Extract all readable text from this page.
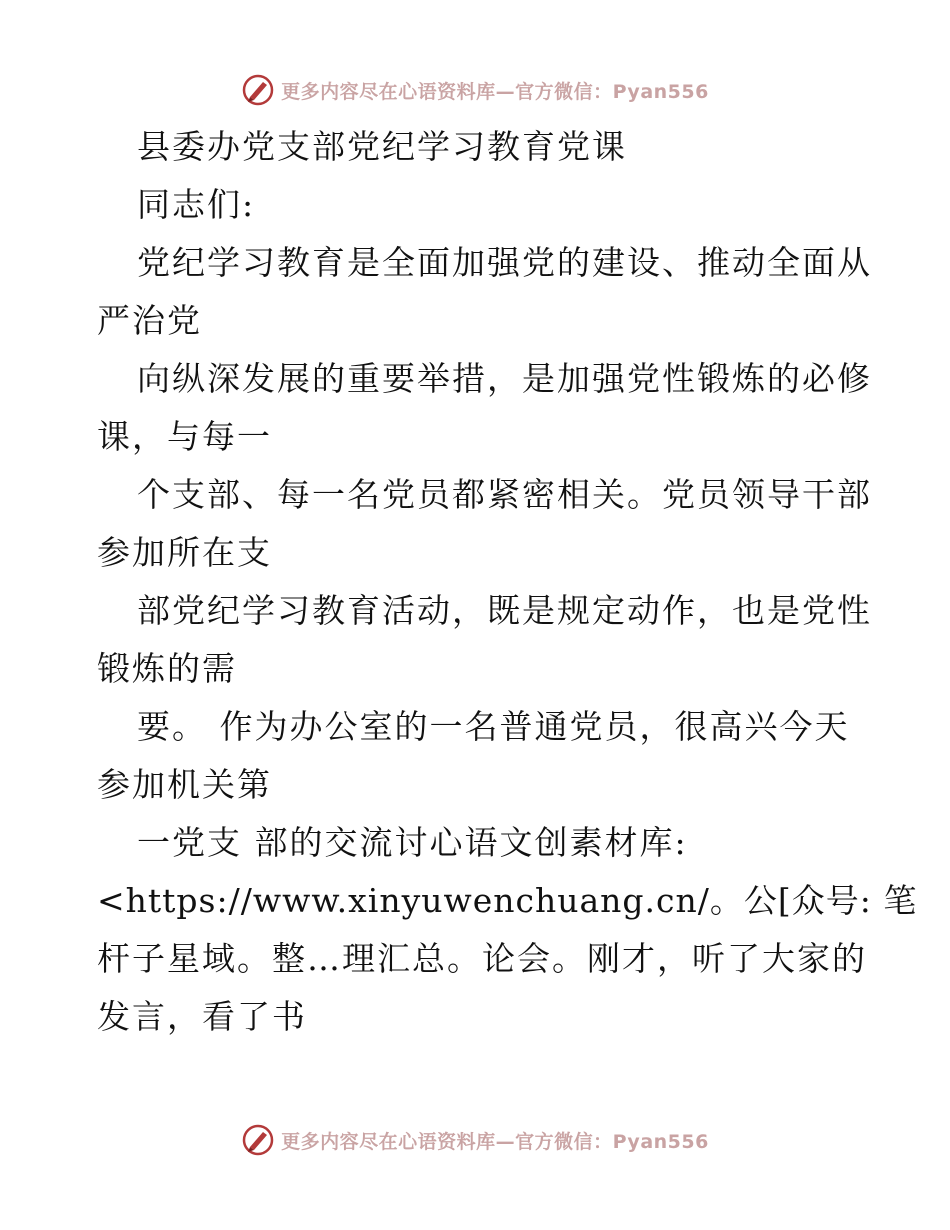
更多内容尽在心语资料库—官方微信：Pyan556

县委办党支部党纪学习教育党课

同志们:

党纪学习教育是全面加强党的建设、推动全面从

严治党

向纵深发展的重要举措，是加强党性锻炼的必修

课，与每一

个支部、每一名党员都紧密相关。党员领导干部

参加所在支

部党纪学习教育活动，既是规定动作，也是党性

锻炼的需

要。 作为办公室的一名普通党员，很高兴今天

参加机关第

一党支 部的交流讨心语文创素材库:

<https://www.xinyuwenchuang.cn/。公[众号: 笔

杆子星域。整…理汇总。论会。刚才，听了大家的

发言，看了书

更多内容尽在心语资料库—官方微信：Pyan556
